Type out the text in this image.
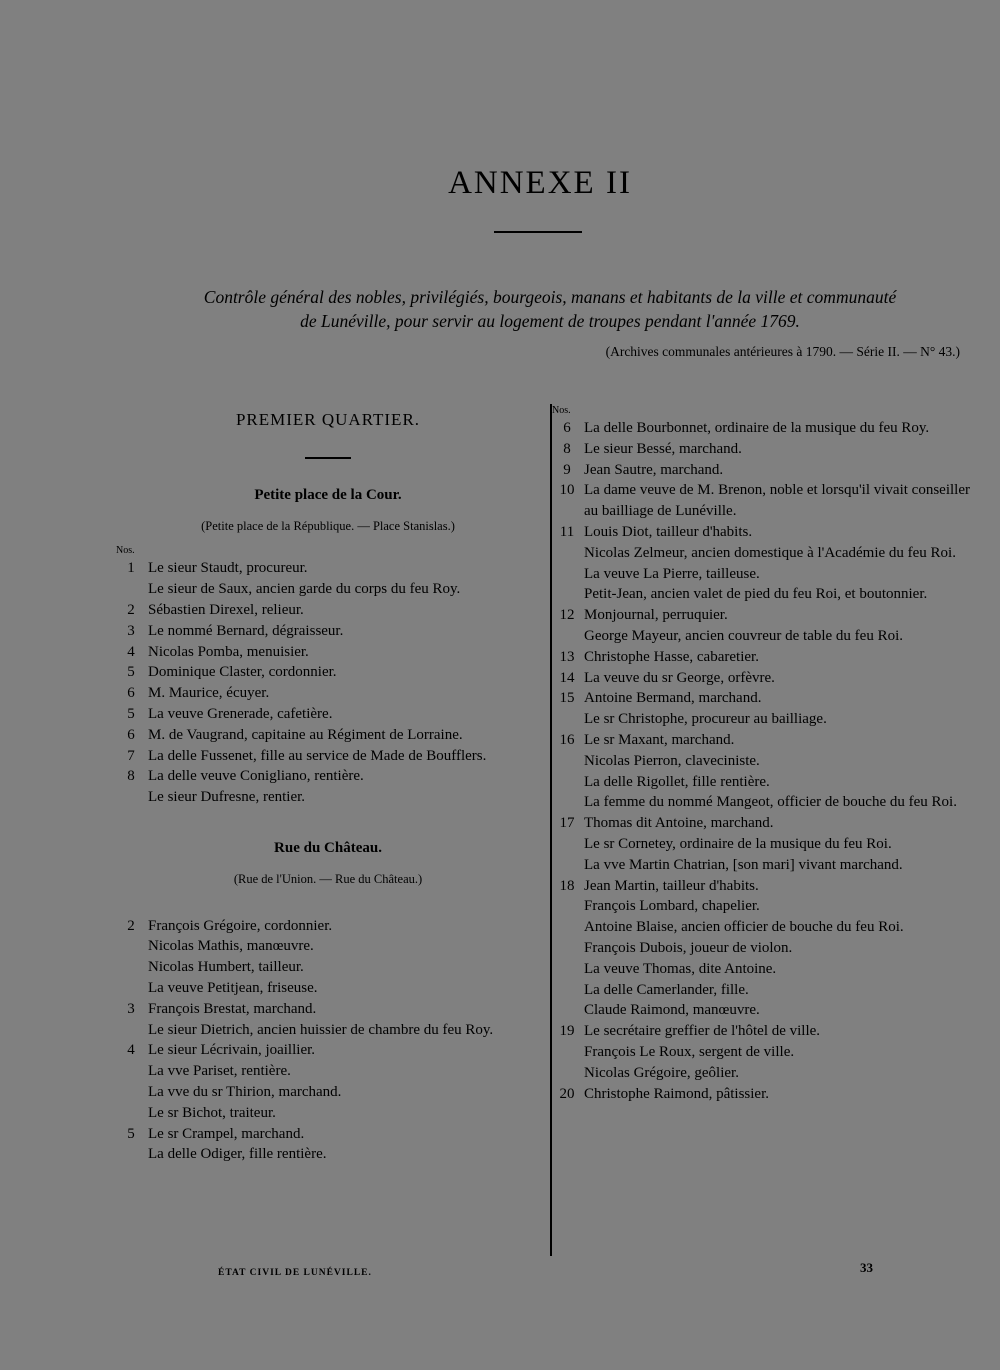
ANNEXE II
Contrôle général des nobles, privilégiés, bourgeois, manans et habitants de la ville et communauté
de Lunéville, pour servir au logement de troupes pendant l'année 1769.
(Archives communales antérieures à 1790. — Série II. — N° 43.)
PREMIER QUARTIER.
Petite place de la Cour.
(Petite place de la République. — Place Stanislas.)
Nos.
1 Le sieur Staudt, procureur.
Le sieur de Saux, ancien garde du corps du feu Roy.
2 Sébastien Direxel, relieur.
3 Le nommé Bernard, dégraisseur.
4 Nicolas Pomba, menuisier.
5 Dominique Claster, cordonnier.
6 M. Maurice, écuyer.
5 La veuve Grenerade, cafetière.
6 M. de Vaugrand, capitaine au Régiment de Lorraine.
7 La delle Fussenet, fille au service de Made de Boufflers.
8 La delle veuve Conigliano, rentière.
Le sieur Dufresne, rentier.
Rue du Château.
(Rue de l'Union. — Rue du Château.)
2 François Grégoire, cordonnier.
Nicolas Mathis, manœuvre.
Nicolas Humbert, tailleur.
La veuve Petitjean, friseuse.
3 François Brestat, marchand.
Le sieur Dietrich, ancien huissier de chambre du feu Roy.
4 Le sieur Lécrivain, joaillier.
La vve Pariset, rentière.
La vve du sr Thirion, marchand.
Le sr Bichot, traiteur.
5 Le sr Crampel, marchand.
La delle Odiger, fille rentière.
Nos.
6 La delle Bourbonnet, ordinaire de la musique du feu Roy.
8 Le sieur Bessé, marchand.
9 Jean Sautre, marchand.
10 La dame veuve de M. Brenon, noble et lorsqu'il vivait conseiller au bailliage de Lunéville.
11 Louis Diot, tailleur d'habits.
Nicolas Zelmeur, ancien domestique à l'Académie du feu Roi.
La veuve La Pierre, tailleuse.
Petit-Jean, ancien valet de pied du feu Roi, et boutonnier.
12 Monjournal, perruquier.
George Mayeur, ancien couvreur de table du feu Roi.
13 Christophe Hasse, cabaretier.
14 La veuve du sr George, orfèvre.
15 Antoine Bermand, marchand.
Le sr Christophe, procureur au bailliage.
16 Le sr Maxant, marchand.
Nicolas Pierron, claveciniste.
La delle Rigollet, fille rentière.
La femme du nommé Mangeot, officier de bouche du feu Roi.
17 Thomas dit Antoine, marchand.
Le sr Cornetey, ordinaire de la musique du feu Roi.
La vve Martin Chatrian, [son mari] vivant marchand.
18 Jean Martin, tailleur d'habits.
François Lombard, chapelier.
Antoine Blaise, ancien officier de bouche du feu Roi.
François Dubois, joueur de violon.
La veuve Thomas, dite Antoine.
La delle Camerlander, fille.
Claude Raimond, manœuvre.
19 Le secrétaire greffier de l'hôtel de ville.
François Le Roux, sergent de ville.
Nicolas Grégoire, geôlier.
20 Christophe Raimond, pâtissier.
ÉTAT CIVIL DE LUNÉVILLE.	33
